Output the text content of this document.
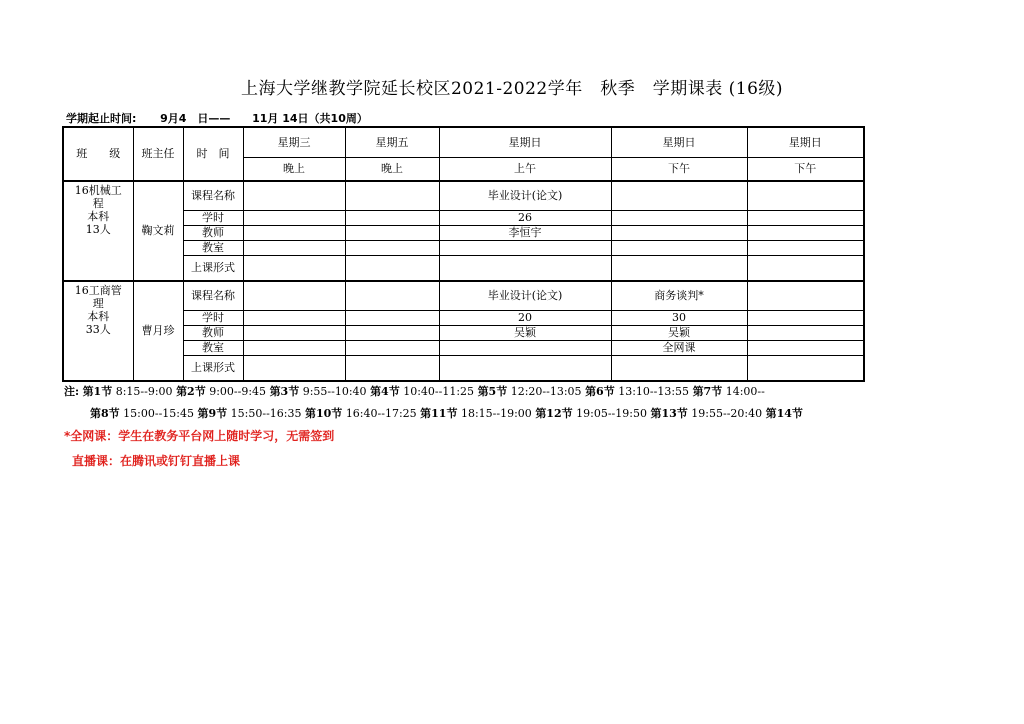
上海大学继教学院延长校区2021-2022学年　秋季　学期课表 (16级)
学期起止时间: 9月4　日—— 11月 14日（共10周）
班　　级	班主任	时　间	星期三	星期五	星期日	星期日	星期日
			晚上	晚上	上午	下午	下午

16机械工
程
本科
13人	鞠文莉	课程名称			毕业设计(论文)		
		学时			26		
		教师			李恒宇		
		教室					
		上课形式					

16工商管
理
本科
33人	曹月珍	课程名称			毕业设计(论文)	商务谈判*	
		学时			20	30	
		教师			吴颖	吴颖	
		教室				全网课	
		上课形式					
注: 第1节 8:15--9:00 第2节 9:00--9:45 第3节 9:55--10:40 第4节 10:40--11:25 第5节 12:20--13:05 第6节 13:10--13:55 第7节 14:00--
第8节 15:00--15:45 第9节 15:50--16:35 第10节 16:40--17:25 第11节 18:15--19:00 第12节 19:05--19:50 第13节 19:55--20:40 第14节
*全网课：学生在教务平台网上随时学习，无需签到
直播课：在腾讯或钉钉直播上课
